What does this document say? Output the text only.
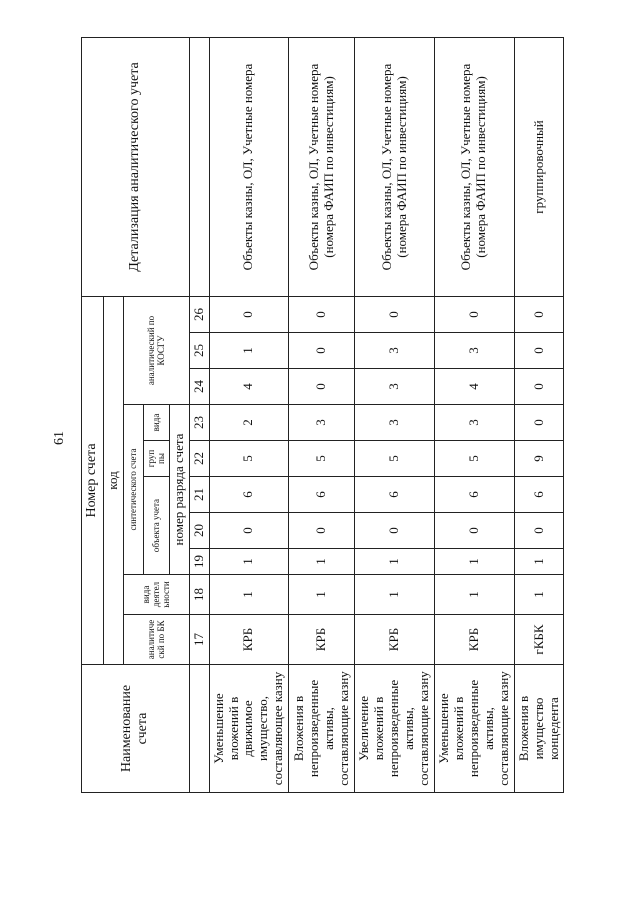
61
Наименование счета	Номер счета										Детализация аналитического учета
	код										
	аналитиче скй по БК	вида деятел ьности	синтетического счета					аналитический по КОСГУ			
			объекта учета			груп пы	вида				
			номер разряда счета								
	17	18	19	20	21	22	23	24	25	26	
Уменьшение вложений в движимое имущество, составляющее казну	КРБ	1	1	0	6	5	2	4	1	0	Объекты казны, ОЛ, Учетные номера
Вложения в непроизведенные активы, составляющие казну	КРБ	1	1	0	6	5	3	0	0	0	Объекты казны, ОЛ, Учетные номера (номера ФАИП по инвестициям)
Увеличение вложений в непроизведенные активы, составляющие казну	КРБ	1	1	0	6	5	3	3	3	0	Объекты казны, ОЛ, Учетные номера (номера ФАИП по инвестициям)
Уменьшение вложений в непроизведенные активы, составляющие казну	КРБ	1	1	0	6	5	3	4	3	0	Объекты казны, ОЛ, Учетные номера (номера ФАИП по инвестициям)
Вложения в имущество концедента	гКБК	1	1	0	6	9	0	0	0	0	группировочный
